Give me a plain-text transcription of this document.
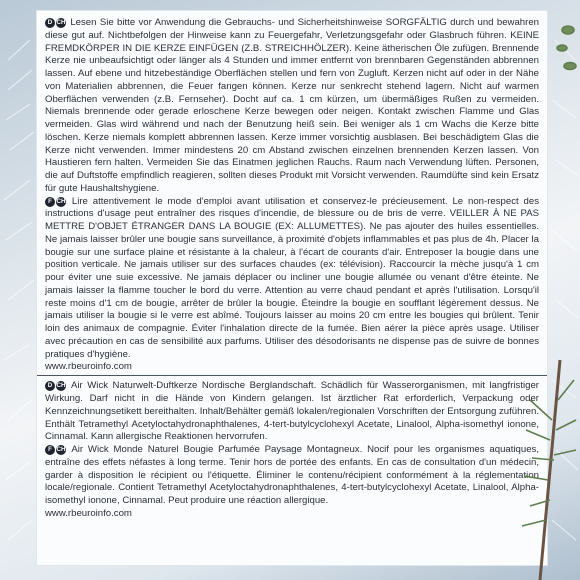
D CH Lesen Sie bitte vor Anwendung die Gebrauchs- und Sicherheitshinweise SORGFÄLTIG durch und bewahren diese gut auf. Nichtbefolgen der Hinweise kann zu Feuergefahr, Verletzungsgefahr oder Glasbruch führen. KEINE FREMDKÖRPER IN DIE KERZE EINFÜGEN (Z.B. STREICHHÖLZER). Keine ätherischen Öle zufügen. Brennende Kerze nie unbeaufsichtigt oder länger als 4 Stunden und immer entfernt von brennbaren Gegenständen abbrennen lassen. Auf ebene und hitzebeständige Oberflächen stellen und fern von Zugluft. Kerzen nicht auf oder in der Nähe von Materialien abbrennen, die Feuer fangen können. Kerze nur senkrecht stehend lagern. Nicht auf warmen Oberflächen verwenden (z.B. Fernseher). Docht auf ca. 1 cm kürzen, um übermäßiges Rußen zu vermeiden. Niemals brennende oder gerade erloschene Kerze bewegen oder neigen. Kontakt zwischen Flamme und Glas vermeiden. Glas wird während und nach der Benutzung heiß sein. Bei weniger als 1 cm Wachs die Kerze bitte löschen. Kerze niemals komplett abbrennen lassen. Kerze immer vorsichtig ausblasen. Bei beschädigtem Glas die Kerze nicht verwenden. Immer mindestens 20 cm Abstand zwischen einzelnen brennenden Kerzen lassen. Von Haustieren fern halten. Vermeiden Sie das Einatmen jeglichen Rauchs. Raum nach Verwendung lüften. Personen, die auf Duftstoffe empfindlich reagieren, sollten dieses Produkt mit Vorsicht verwenden. Raumdüfte sind kein Ersatz für gute Haushaltshygiene.

F CH Lire attentivement le mode d'emploi avant utilisation et conservez-le précieusement. Le non-respect des instructions d'usage peut entraîner des risques d'incendie, de blessure ou de bris de verre. VEILLER À NE PAS METTRE D'OBJET ÉTRANGER DANS LA BOUGIE (EX: ALLUMETTES). Ne pas ajouter des huiles essentielles. Ne jamais laisser brûler une bougie sans surveillance, à proximité d'objets inflammables et pas plus de 4h. Placer la bougie sur une surface plaine et résistante à la chaleur, à l'écart de courants d'air. Entreposer la bougie dans une position verticale. Ne jamais utiliser sur des surfaces chaudes (ex: télévision). Raccourcir la mèche jusqu'à 1 cm pour éviter une suie excessive. Ne jamais déplacer ou incliner une bougie allumée ou venant d'être éteinte. Ne jamais laisser la flamme toucher le bord du verre. Attention au verre chaud pendant et après l'utilisation. Lorsqu'il reste moins d'1 cm de bougie, arrêter de brûler la bougie. Éteindre la bougie en soufflant légèrement dessus. Ne jamais utiliser la bougie si le verre est abîmé. Toujours laisser au moins 20 cm entre les bougies qui brûlent. Tenir loin des animaux de compagnie. Éviter l'inhalation directe de la fumée. Bien aérer la pièce après usage. Utiliser avec précaution en cas de sensibilité aux parfums. Utiliser des désodorisants ne dispense pas de suivre de bonnes pratiques d'hygiène.

www.rbeuroinfo.com

D CH Air Wick Naturwelt-Duftkerze Nordische Berglandschaft. Schädlich für Wasserorganismen, mit langfristiger Wirkung. Darf nicht in die Hände von Kindern gelangen. Ist ärztlicher Rat erforderlich, Verpackung oder Kennzeichnungsetikett bereithalten. Inhalt/Behälter gemäß lokalen/regionalen Vorschriften der Entsorgung zuführen. Enthält Tetramethyl Acetyloctahydronaphthalenes, 4-tert-butylcyclohexyl Acetate, Linalool, Alpha-isomethyl ionone, Cinnamal. Kann allergische Reaktionen hervorrufen.

F CH Air Wick Monde Naturel Bougie Parfumée Paysage Montagneux. Nocif pour les organismes aquatiques, entraîne des effets néfastes à long terme. Tenir hors de portée des enfants. En cas de consultation d'un médecin, garder à disposition le récipient ou l'étiquette. Éliminer le contenu/récipient conformément à la réglementation locale/regionale. Contient Tetramethyl Acetyloctahydronaphthalenes, 4-tert-butylcyclohexyl Acetate, Linalool, Alpha-isomethyl ionone, Cinnamal. Peut produire une réaction allergique.

www.rbeuroinfo.com
